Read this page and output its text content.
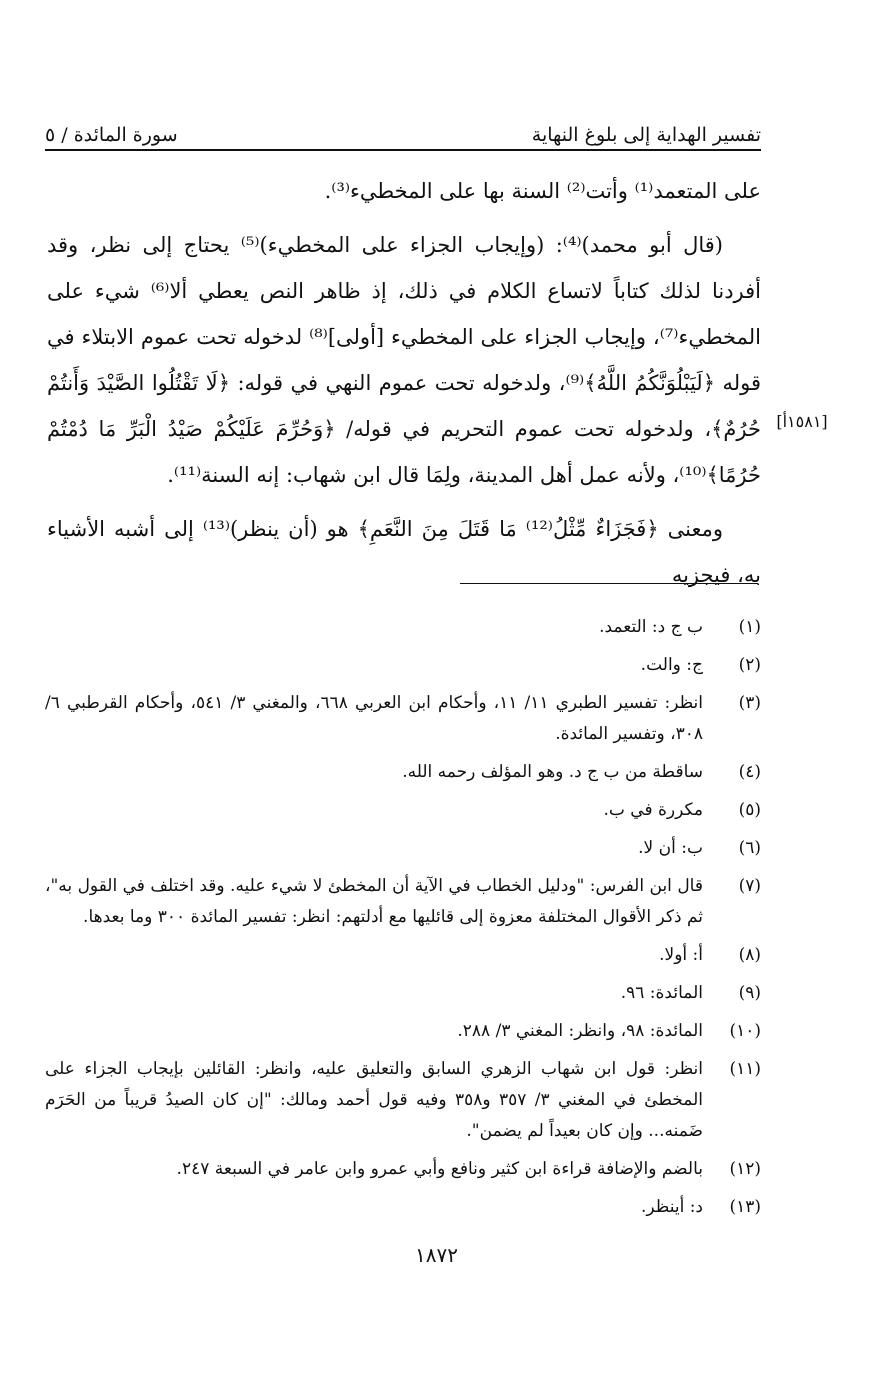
تفسير الهداية إلى بلوغ النهاية
سورة المائدة / ٥
[١٥٨١أ]

على المتعمد⁽¹⁾ وأتت⁽²⁾ السنة بها على المخطيء⁽³⁾.

(قال أبو محمد)⁽⁴⁾: (وإيجاب الجزاء على المخطيء)⁽⁵⁾ يحتاج إلى نظر، وقد أفردنا لذلك كتاباً لاتساع الكلام في ذلك، إذ ظاهر النص يعطي ألا⁽⁶⁾ شيء على المخطيء⁽⁷⁾، وإيجاب الجزاء على المخطيء [أولى]⁽⁸⁾ لدخوله تحت عموم الابتلاء في قوله ﴿لَيَبْلُوَنَّكُمُ اللَّهُ﴾⁽⁹⁾، ولدخوله تحت عموم النهي في قوله: ﴿لَا تَقْتُلُوا الصَّيْدَ وَأَنتُمْ حُرُمٌ﴾، ولدخوله تحت عموم التحريم في قوله/ ﴿وَحُرِّمَ عَلَيْكُمْ صَيْدُ الْبَرِّ مَا دُمْتُمْ حُرُمًا﴾⁽¹⁰⁾، ولأنه عمل أهل المدينة، ولِمَا قال ابن شهاب: إنه السنة⁽¹¹⁾.

ومعنى ﴿فَجَزَاءٌ مِّثْلُ⁽¹²⁾ مَا قَتَلَ مِنَ النَّعَمِ﴾ هو (أن ينظر)⁽¹³⁾ إلى أشبه الأشياء به، فيجزيه

(١)
ب ج د: التعمد.
(٢)
ج: والت.
(٣)
انظر: تفسير الطبري ١١/ ١١، وأحكام ابن العربي ٦٦٨، والمغني ٣/ ٥٤١، وأحكام القرطبي ٦/ ٣٠٨، وتفسير المائدة.
(٤)
ساقطة من ب ج د. وهو المؤلف رحمه الله.
(٥)
مكررة في ب.
(٦)
ب: أن لا.
(٧)
قال ابن الفرس: "ودليل الخطاب في الآية أن المخطئ لا شيء عليه. وقد اختلف في القول به"، ثم ذكر الأقوال المختلفة معزوة إلى قائليها مع أدلتهم: انظر: تفسير المائدة ٣٠٠ وما بعدها.
(٨)
أ: أولا.
(٩)
المائدة: ٩٦.
(١٠)
المائدة: ٩٨، وانظر: المغني ٣/ ٢٨٨.
(١١)
انظر: قول ابن شهاب الزهري السابق والتعليق عليه، وانظر: القائلين بإيجاب الجزاء على المخطئ في المغني ٣/ ٣٥٧ و٣٥٨ وفيه قول أحمد ومالك: "إن كان الصيدُ قريباً من الحَرَم ضَمنه... وإن كان بعيداً لم يضمن".
(١٢)
بالضم والإضافة قراءة ابن كثير ونافع وأبي عمرو وابن عامر في السبعة ٢٤٧.
(١٣)
د: أينظر.
١٨٧٢
